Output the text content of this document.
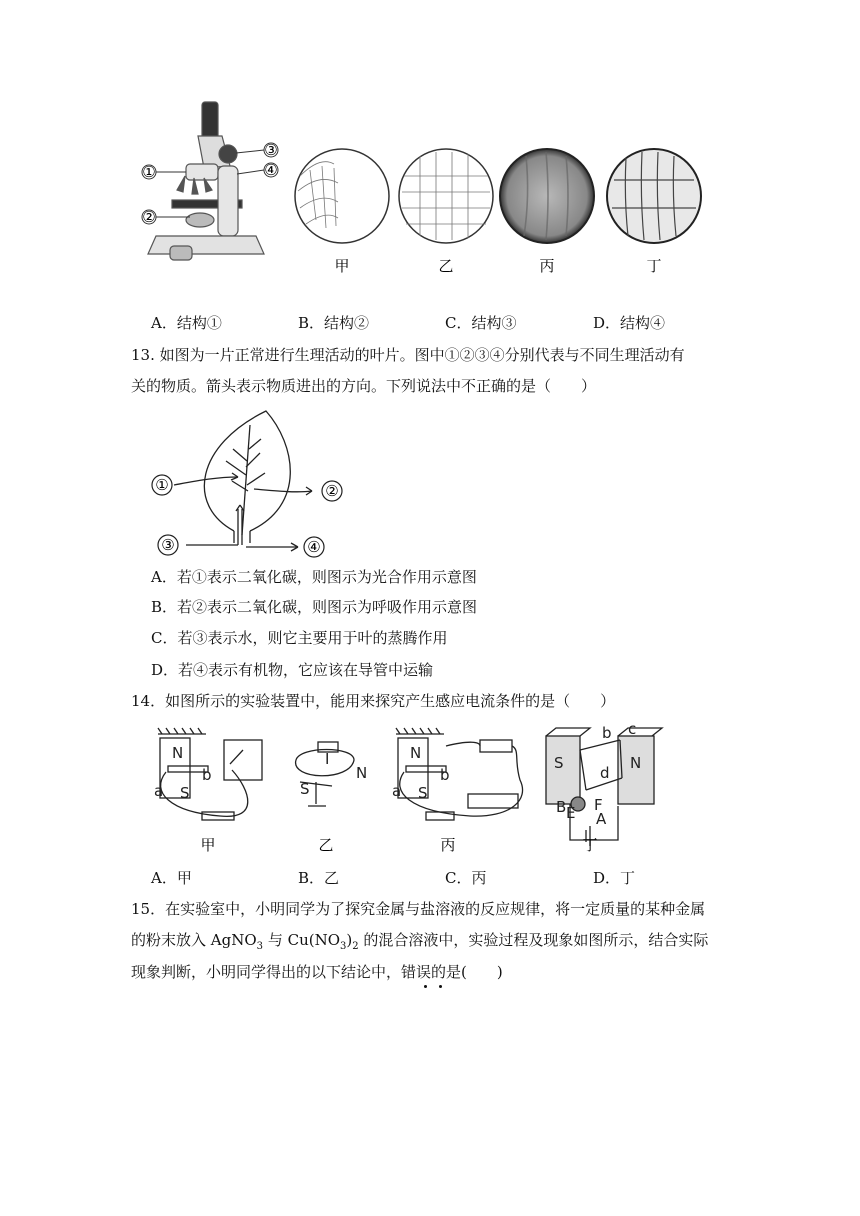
①
②
③
④
甲	乙	丙	丁
A．结构①	B．结构②	C．结构③	D．结构④
13. 如图为一片正常进行生理活动的叶片。图中①②③④分别代表与不同生理活动有
关的物质。箭头表示物质进出的方向。下列说法中不正确的是（　　）
①	②
③	④
A．若①表示二氧化碳，则图示为光合作用示意图
B．若②表示二氧化碳，则图示为呼吸作用示意图
C．若③表示水，则它主要用于叶的蒸腾作用
D．若④表示有机物，它应该在导管中运输
14．如图所示的实验装置中，能用来探究产生感应电流条件的是（　　）
N
S
a
b
I
S
N
N
S
a
b
S	N
B E F
A
b c
d
甲	乙	丙	丁
A．甲	B．乙	C．丙	D．丁
15．在实验室中，小明同学为了探究金属与盐溶液的反应规律，将一定质量的某种金属
的粉末放入 AgNO$_3$ 与 $Cu(NO_3)_2$ 的混合溶液中，实验过程及现象如图所示，结合实际
现象判断，小明同学得出的以下结论中，错误的是(　　)
